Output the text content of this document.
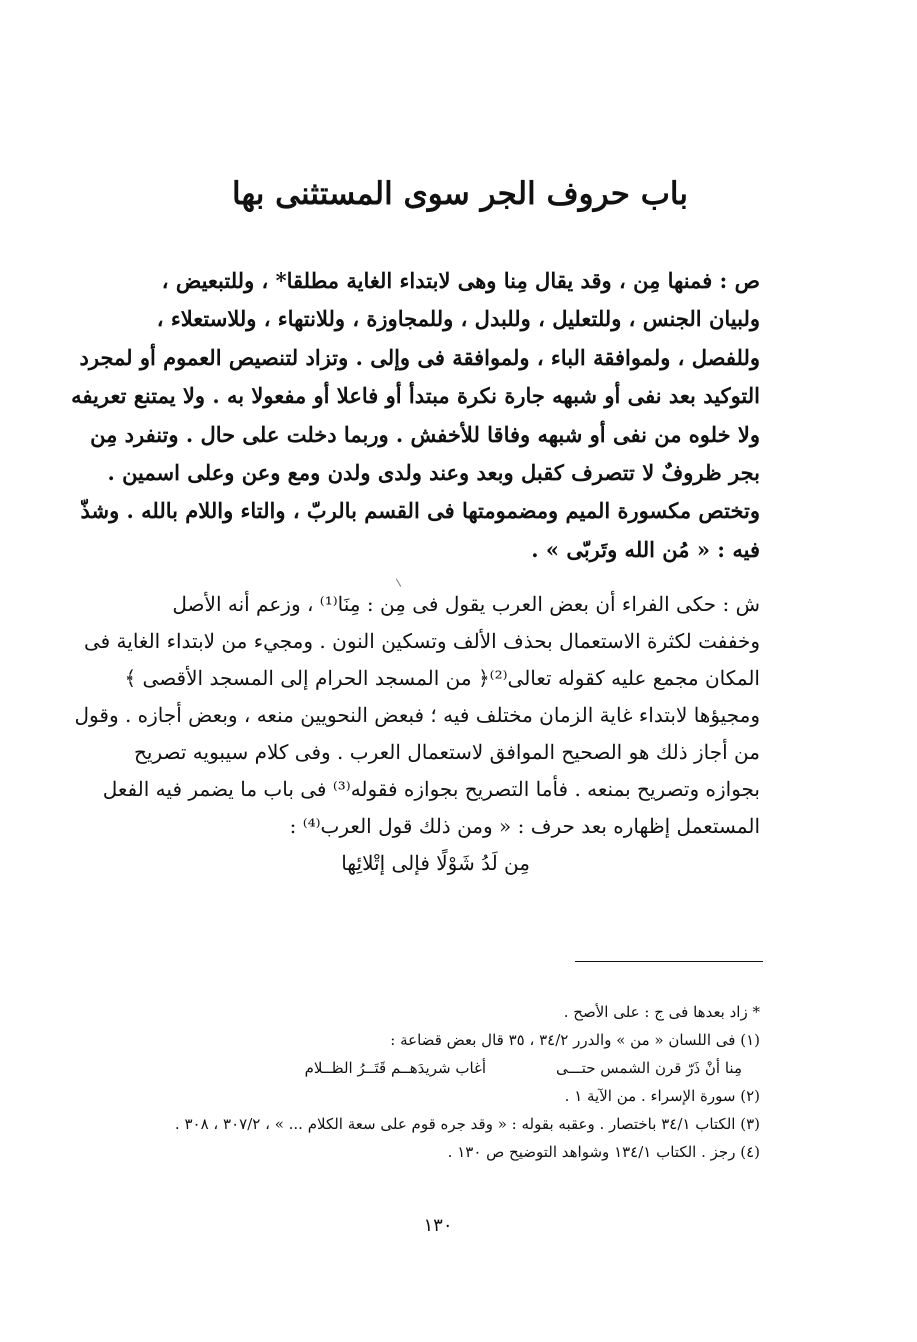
باب حروف الجر سوى المستثنى بها
ص : فمنها مِن ، وقد يقال مِنا وهى لابتداء الغاية مطلقا* ، وللتبعيض ،
ولبيان الجنس ، وللتعليل ، وللبدل ، وللمجاوزة ، وللانتهاء ، وللاستعلاء ،
وللفصل ، ولموافقة الباء ، ولموافقة فى وإلى . وتزاد لتنصيص العموم أو لمجرد
التوكيد بعد نفى أو شبهه جارة نكرة مبتدأ أو فاعلا أو مفعولا به . ولا يمتنع تعريفه
ولا خلوه من نفى أو شبهه وفاقا للأخفش . وربما دخلت على حال . وتنفرد مِن
بجر ظروفٌ لا تتصرف كقبل وبعد وعند ولدى ولدن ومع وعن وعلى اسمين .
وتختص مكسورة الميم ومضمومتها فى القسم بالربّ ، والتاء واللام بالله . وشذّ
فيه : « مُن الله وتَربّى » .
ش : حكى الفراء أن بعض العرب يقول فى مِن : مِنَا⁽¹⁾ ، وزعم أنه الأصل
وخففت لكثرة الاستعمال بحذف الألف وتسكين النون . ومجيء من لابتداء الغاية فى
المكان مجمع عليه كقوله تعالى⁽²⁾﴿ من المسجد الحرام إلى المسجد الأقصى ﴾
ومجيؤها لابتداء غاية الزمان مختلف فيه ؛ فبعض النحويين منعه ، وبعض أجازه . وقول
من أجاز ذلك هو الصحيح الموافق لاستعمال العرب . وفى كلام سيبويه تصريح
بجوازه وتصريح بمنعه . فأما التصريح بجوازه فقوله⁽³⁾ فى باب ما يضمر فيه الفعل
المستعمل إظهاره بعد حرف : « ومن ذلك قول العرب⁽⁴⁾ :
مِن لَدُ شَوْلًا فإلى إتْلائِها
* زاد بعدها فى ج : على الأصح .
(١) فى اللسان « من » والدرر ٣٤/٢ ، ٣٥ قال بعض قضاعة :
مِنا أنْ ذَرّ قرن الشمس حتـــىأغاب شريدَهــم قَتَــرُ الظــلام
(٢) سورة الإسراء . من الآية ١ .
(٣) الكتاب ٣٤/١ باختصار . وعقبه بقوله : « وقد جره قوم على سعة الكلام ... » ، ٣٠٧/٢ ، ٣٠٨ .
(٤) رجز . الكتاب ١٣٤/١ وشواهد التوضيح ص ١٣٠ .
١٣٠
